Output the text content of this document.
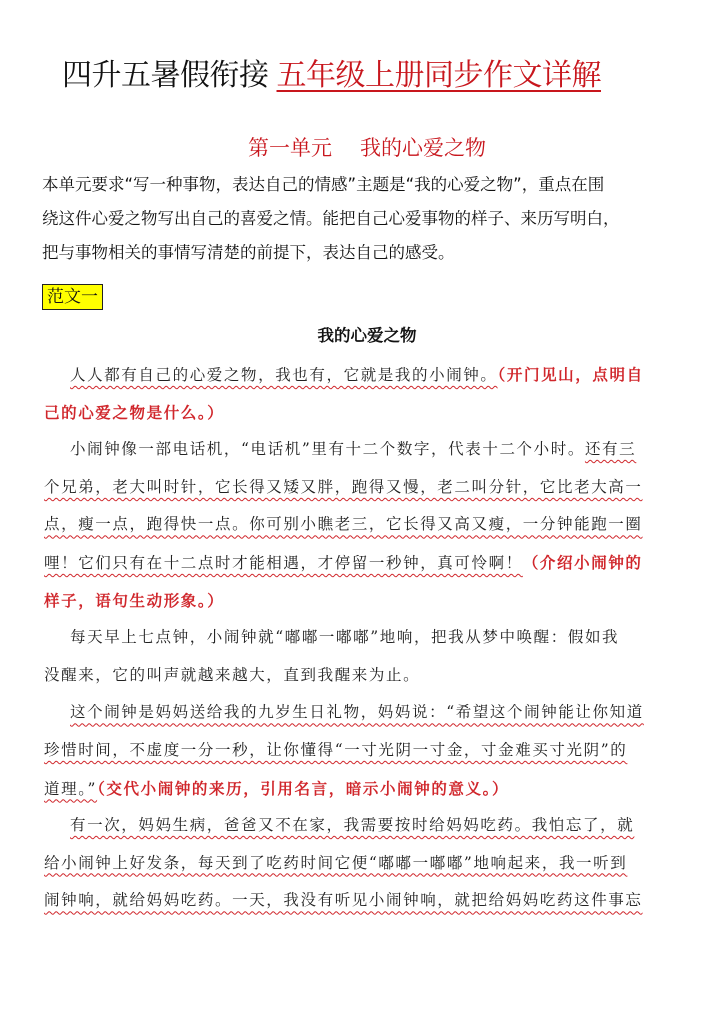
四升五暑假衔接 五年级上册同步作文详解
第一单元 我的心爱之物
本单元要求“写一种事物，表达自己的情感”主题是“我的心爱之物”，重点在围
绕这件心爱之物写出自己的喜爱之情。能把自己心爱事物的样子、来历写明白，
把与事物相关的事情写清楚的前提下，表达自己的感受。
范文一
我的心爱之物
人人都有自己的心爱之物，我也有，它就是我的小闹钟。（开门见山，点明自
己的心爱之物是什么。）
小闹钟像一部电话机，“电话机”里有十二个数字，代表十二个小时。还有三
个兄弟，老大叫时针，它长得又矮又胖，跑得又慢，老二叫分针，它比老大高一
点，瘦一点，跑得快一点。你可别小瞧老三，它长得又高又瘦，一分钟能跑一圈
哩！它们只有在十二点时才能相遇，才停留一秒钟，真可怜啊！（介绍小闹钟的
样子，语句生动形象。）
每天早上七点钟，小闹钟就“嘟嘟一嘟嘟”地响，把我从梦中唤醒：假如我
没醒来，它的叫声就越来越大，直到我醒来为止。
这个闹钟是妈妈送给我的九岁生日礼物，妈妈说：“希望这个闹钟能让你知道
珍惜时间，不虚度一分一秒，让你懂得“一寸光阴一寸金，寸金难买寸光阴”的
道理。”（交代小闹钟的来历，引用名言，暗示小闹钟的意义。）
有一次，妈妈生病，爸爸又不在家，我需要按时给妈妈吃药。我怕忘了，就
给小闹钟上好发条，每天到了吃药时间它便“嘟嘟一嘟嘟”地响起来，我一听到
闹钟响，就给妈妈吃药。一天，我没有听见小闹钟响，就把给妈妈吃药这件事忘
